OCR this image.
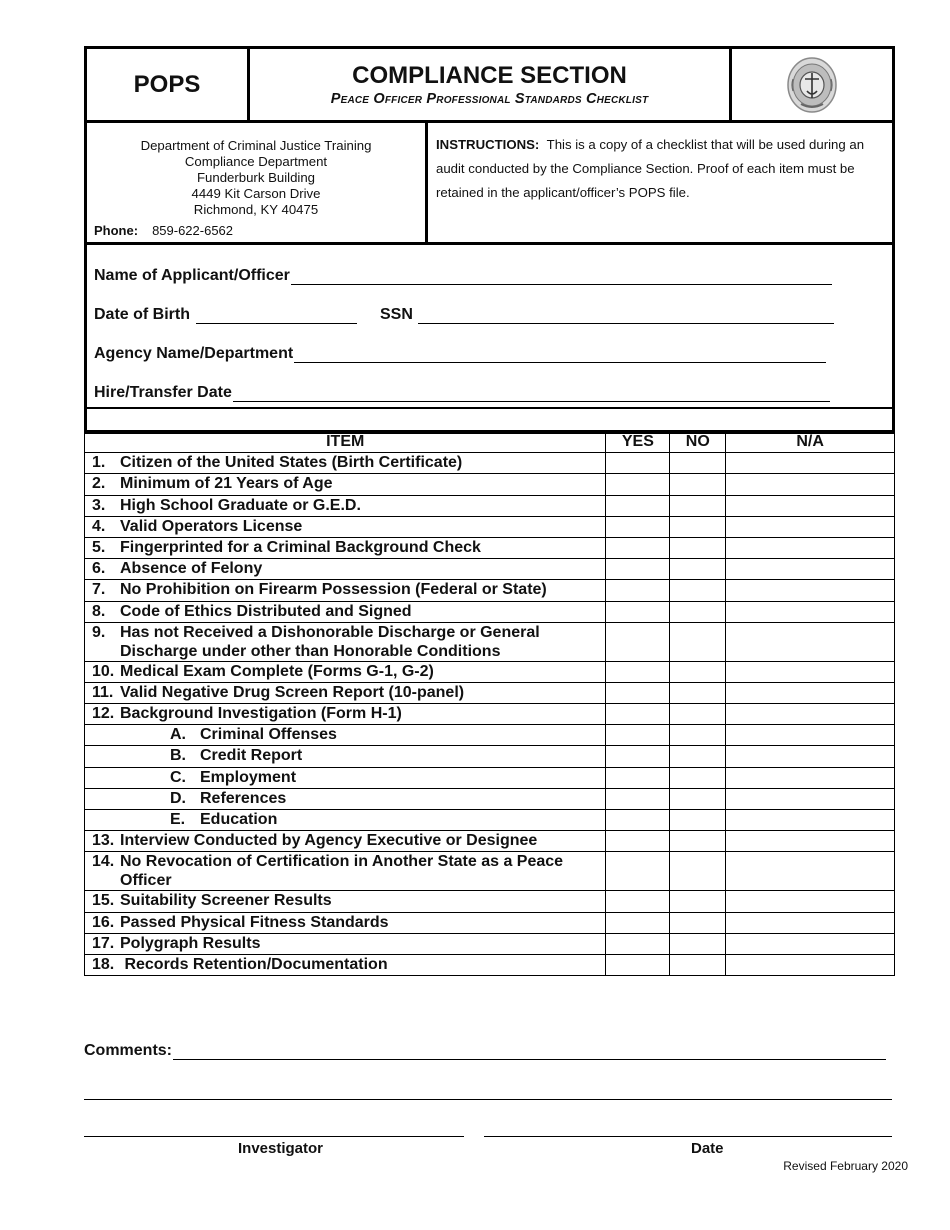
POPS	COMPLIANCE SECTION
Peace Officer Professional Standards Checklist
Department of Criminal Justice Training
Compliance Department
Funderburk Building
4449 Kit Carson Drive
Richmond, KY 40475
Phone: 859-622-6562
INSTRUCTIONS: This is a copy of a checklist that will be used during an audit conducted by the Compliance Section. Proof of each item must be retained in the applicant/officer’s POPS file.
Name of Applicant/Officer
Date of Birth	SSN
Agency Name/Department
Hire/Transfer Date
ITEM	YES	NO	N/A

1. Citizen of the United States (Birth Certificate)			

2. Minimum of 21 Years of Age			

3. High School Graduate or G.E.D.			

4. Valid Operators License			

5. Fingerprinted for a Criminal Background Check			

6. Absence of Felony			

7. No Prohibition on Firearm Possession (Federal or State)			

8. Code of Ethics Distributed and Signed			

9. Has not Received a Dishonorable Discharge or General Discharge under other than Honorable Conditions			

10. Medical Exam Complete (Forms G-1, G-2)			

11. Valid Negative Drug Screen Report (10-panel)			

12. Background Investigation (Form H-1)			

A. Criminal Offenses			

B. Credit Report			

C. Employment			

D. References			

E. Education			

13. Interview Conducted by Agency Executive or Designee			

14. No Revocation of Certification in Another State as a Peace Officer			

15. Suitability Screener Results			

16. Passed Physical Fitness Standards			

17. Polygraph Results			

18. Records Retention/Documentation			

Comments:
Investigator	Date
Revised February 2020
